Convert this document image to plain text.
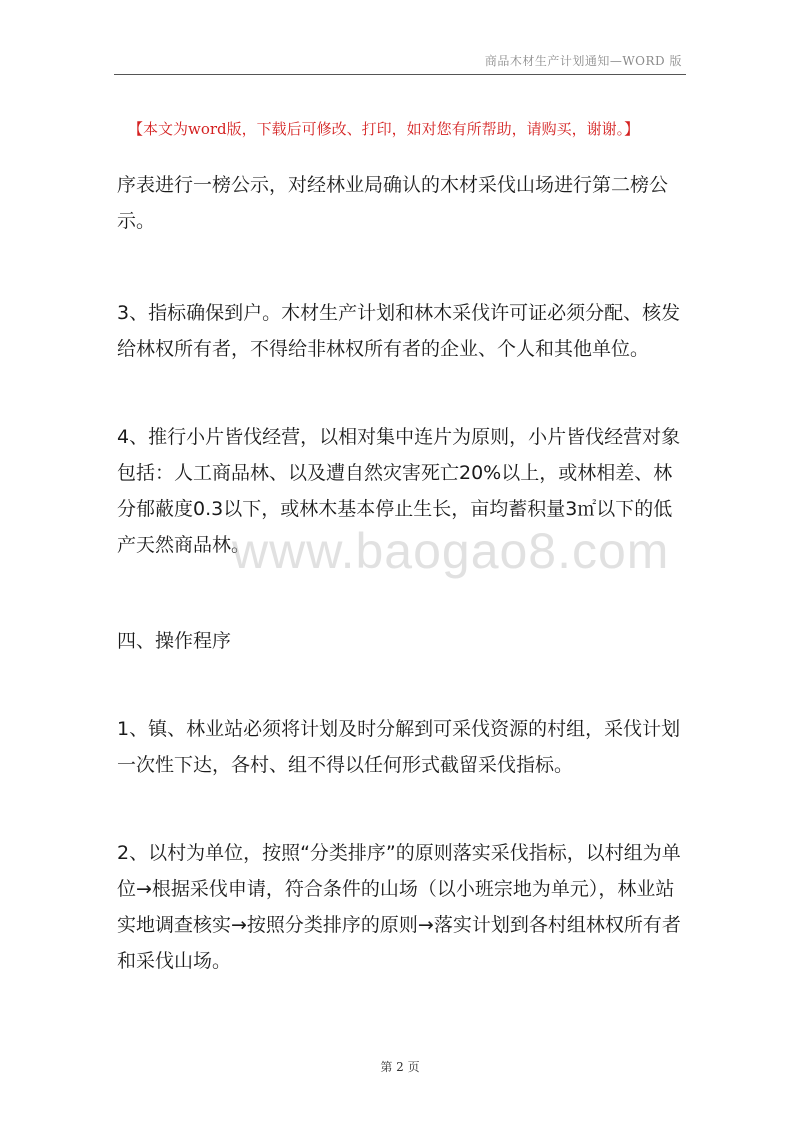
商品木材生产计划通知—WORD 版
【本文为word版，下载后可修改、打印，如对您有所帮助，请购买，谢谢。】
序表进行一榜公示，对经林业局确认的木材采伐山场进行第二榜公示。
3、指标确保到户。木材生产计划和林木采伐许可证必须分配、核发给林权所有者，不得给非林权所有者的企业、个人和其他单位。
4、推行小片皆伐经营，以相对集中连片为原则，小片皆伐经营对象包括：人工商品林、以及遭自然灾害死亡20%以上，或林相差、林分郁蔽度0.3以下，或林木基本停止生长，亩均蓄积量3㎡以下的低产天然商品林。
四、操作程序
1、镇、林业站必须将计划及时分解到可采伐资源的村组，采伐计划一次性下达，各村、组不得以任何形式截留采伐指标。
2、以村为单位，按照“分类排序”的原则落实采伐指标，以村组为单位→根据采伐申请，符合条件的山场（以小班宗地为单元），林业站实地调查核实→按照分类排序的原则→落实计划到各村组林权所有者和采伐山场。
www.baogao8.com
第 2 页
